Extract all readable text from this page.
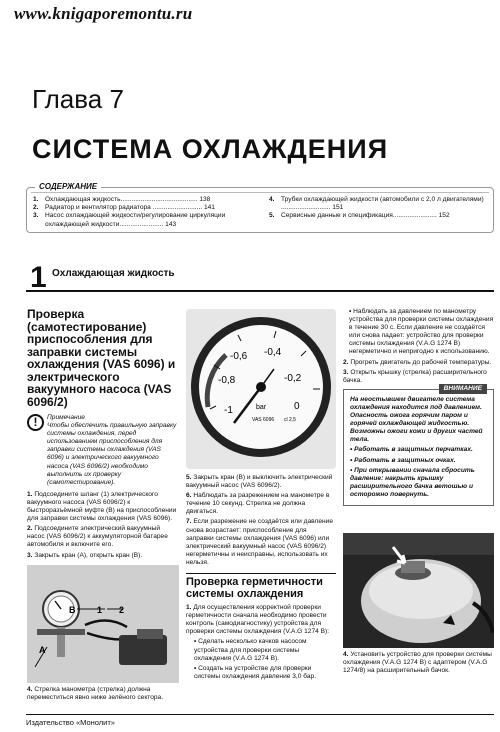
www.knigaporemontu.ru
Глава 7
СИСТЕМА ОХЛАЖДЕНИЯ
СОДЕРЖАНИЕ
1. Охлаждающая жидкость.......................................... 138
2. Радиатор и вентилятор радиатора ........................... 141
3. Насос охлаждающей жидкости/регулирование циркуляции охлаждающей жидкости........................ 143
4. Трубки охлаждающей жидкости (автомобили с 2,0 л двигателями) ........................... 151
5. Сервисные данные и спецификация........................ 152
1 Охлаждающая жидкость
Проверка (самотестирование) приспособления для заправки системы охлаждения (VAS 6096) и электрического вакуумного насоса (VAS 6096/2)
!	Примечание
Чтобы обеспечить правильную заправку системы охлаждения, перед использованием приспособления для заправки системы охлаждения (VAS 6096) и электрического вакуумного насоса (VAS 6096/2) необходимо выполнить их проверку (самотестирование).

1. Подсоедините шланг (1) электрического вакуумного насоса (VAS 6096/2) к быстроразъёмной муфте (B) на приспособлении для заправки системы охлаждения (VAS 6096).

2. Подсоедините электрический вакуумный насос (VAS 6096/2) к аккумуляторной батарее автомобиля и включите его.

3. Закрыть кран (A), открыть кран (B).

B 1 2
A

4. Стрелка манометра (стрелка) должна переместиться явно ниже зелёного сектора.

-1
-0,8
-0,6 -0,4
-0,2
0
bar
VAS 6096 cl 2,5

5. Закрыть кран (B) и выключить электрический вакуумный насос (VAS 6096/2).

6. Наблюдать за разрежением на манометре в течение 10 секунд. Стрелка не должна двигаться.

7. Если разрежение не создаётся или давление снова возрастает: приспособление для заправки системы охлаждения (VAS 6096) или электрический вакуумный насос (VAS 6096/2) негерметичны и неисправны, использовать их нельзя.

Проверка герметичности системы охлаждения

1. Для осуществления корректной проверки герметичности сначала необходимо провести контроль (самодиагностику) устройства для проверки системы охлаждения (V.A.G 1274 B):

• Сделать несколько качков насосом устройства для проверки системы охлаждения (V.A.G 1274 B).

• Создать на устройстве для проверки системы охлаждения давление 3,0 бар.

• Наблюдать за давлением по манометру устройства для проверки системы охлаждения в течение 30 с. Если давление не создаётся или снова падает: устройство для проверки системы охлаждения (V.A.G 1274 B) негерметично и непригодно к использованию.

2. Прогреть двигатель до рабочей температуры.

3. Открыть крышку (стрелка) расширительного бачка.

ВНИМАНИЕ

На неостывшем двигателе система охлаждения находится под давлением. Опасность ожога горячим паром и горячей охлаждающей жидкостью. Возможны ожоги кожи и других частей тела.

• Работать в защитных перчатках.

• Работать в защитных очках.

• При открывании сначала сбросить давление: накрыть крышку расширительного бачка ветошью и осторожно повернуть.

4. Установить устройство для проверки системы охлаждения (V.A.G 1274 B) с адаптером (V.A.G 1274/8) на расширительный бачок.

Издательство «Монолит»
